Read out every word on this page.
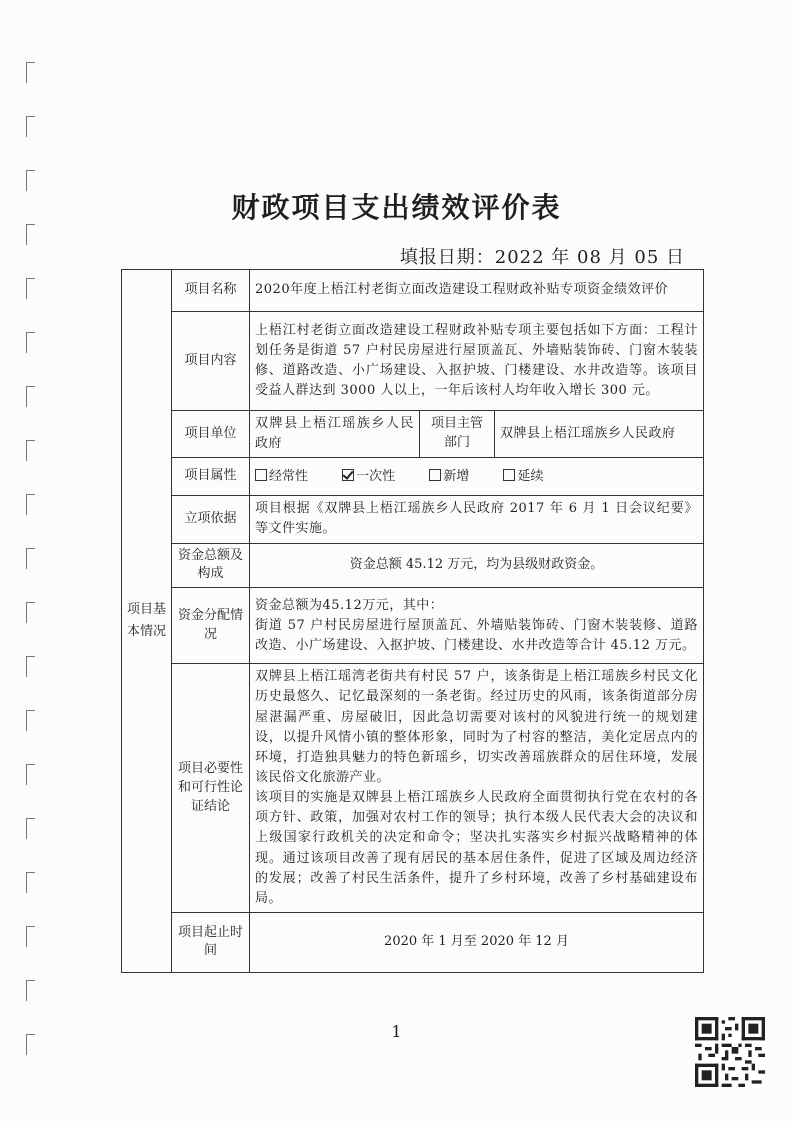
财政项目支出绩效评价表
填报日期：2022 年 08 月 05 日
项目基本情况	项目名称	2020年度上梧江村老街立面改造建设工程财政补贴专项资金绩效评价		
	项目内容	上梧江村老街立面改造建设工程财政补贴专项主要包括如下方面：工程计划任务是街道 57 户村民房屋进行屋顶盖瓦、外墙贴装饰砖、门窗木装装修、道路改造、小广场建设、入抠护坡、门楼建设、水井改造等。该项目受益人群达到 3000 人以上，一年后该村人均年收入增长 300 元。		
	项目单位	双牌县上梧江瑶族乡人民政府	项目主管部门	双牌县上梧江瑶族乡人民政府
	项目属性	经常性 一次性 新增 延续		
	立项依据	项目根据《双牌县上梧江瑶族乡人民政府 2017 年 6 月 1 日会议纪要》等文件实施。		
	资金总额及构成	资金总额 45.12 万元，均为县级财政资金。		
	资金分配情况	资金总额为45.12万元，其中：
街道 57 户村民房屋进行屋顶盖瓦、外墙贴装饰砖、门窗木装装修、道路改造、小广场建设、入抠护坡、门楼建设、水井改造等合计 45.12 万元。		

	项目必要性和可行性论证结论	双牌县上梧江瑶湾老街共有村民 57 户，该条街是上梧江瑶族乡村民文化历史最悠久、记忆最深刻的一条老街。经过历史的风雨，该条街道部分房屋湛漏严重、房屋破旧，因此急切需要对该村的风貌进行统一的规划建设，以提升风情小镇的整体形象，同时为了村容的整洁，美化定居点内的环境，打造独具魅力的特色新瑶乡，切实改善瑶族群众的居住环境，发展该民俗文化旅游产业。
该项目的实施是双牌县上梧江瑶族乡人民政府全面贯彻执行党在农村的各项方针、政策，加强对农村工作的领导；执行本级人民代表大会的决议和上级国家行政机关的决定和命令；坚决扎实落实乡村振兴战略精神的体现。通过该项目改善了现有居民的基本居住条件，促进了区域及周边经济的发展；改善了村民生活条件，提升了乡村环境，改善了乡村基础建设布局。		

	项目起止时间	2020 年 1 月至 2020 年 12 月		
1
